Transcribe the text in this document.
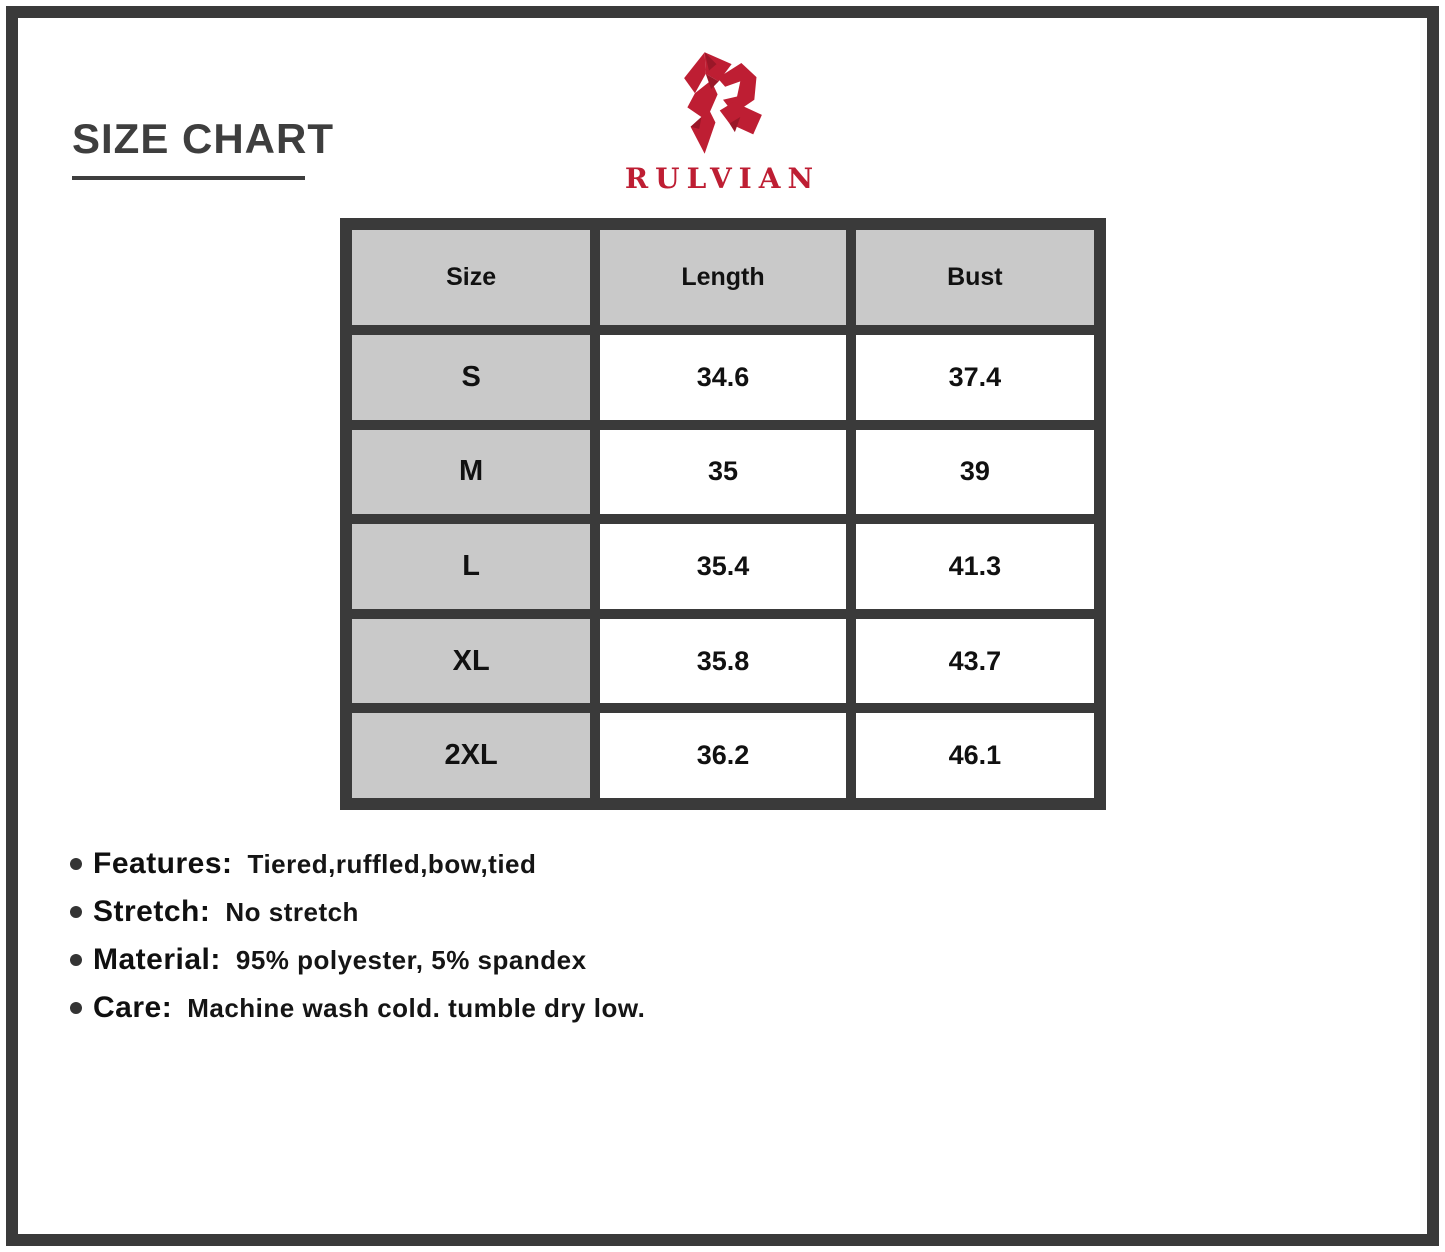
SIZE CHART
RULVIAN
Size	Length	Bust
S	34.6	37.4
M	35	39
L	35.4	41.3
XL	35.8	43.7
2XL	36.2	46.1
Features: Tiered,ruffled,bow,tied
Stretch: No stretch
Material: 95% polyester, 5% spandex
Care: Machine wash cold. tumble dry low.
